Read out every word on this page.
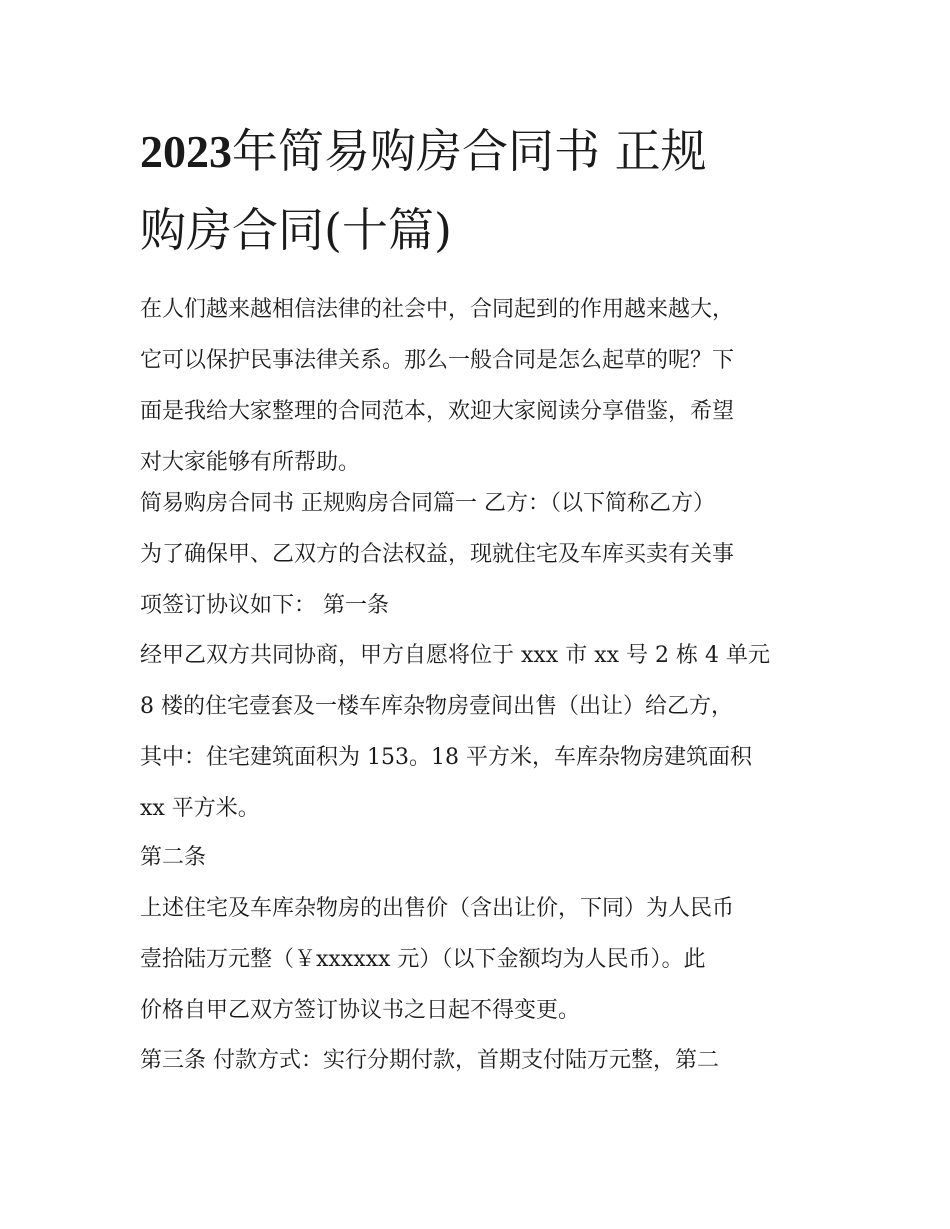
2023年简易购房合同书 正规
购房合同(十篇)

在人们越来越相信法律的社会中，合同起到的作用越来越大，
它可以保护民事法律关系。那么一般合同是怎么起草的呢？下
面是我给大家整理的合同范本，欢迎大家阅读分享借鉴，希望
对大家能够有所帮助。

简易购房合同书 正规购房合同篇一 乙方：（以下简称乙方）
为了确保甲、乙双方的合法权益，现就住宅及车库买卖有关事
项签订协议如下： 第一条

经甲乙双方共同协商，甲方自愿将位于 xxx 市 xx 号 2 栋 4 单元
8 楼的住宅壹套及一楼车库杂物房壹间出售（出让）给乙方，
其中：住宅建筑面积为 153。18 平方米，车库杂物房建筑面积
xx 平方米。

第二条

上述住宅及车库杂物房的出售价（含出让价，下同）为人民币
壹拾陆万元整（￥xxxxxx 元）（以下金额均为人民币）。此
价格自甲乙双方签订协议书之日起不得变更。

第三条 付款方式：实行分期付款，首期支付陆万元整，第二
